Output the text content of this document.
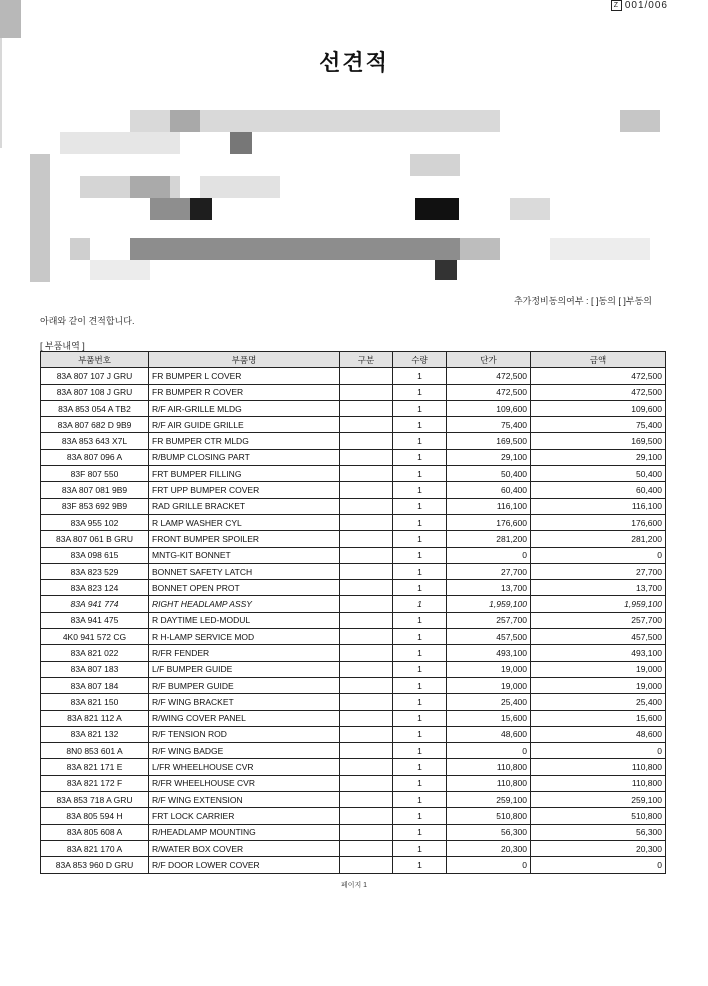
Z 001/006
선견적
추가정비동의여부 : [ ]동의 [ ]부동의
아래와 같이 견적합니다.
[ 부품내역 ]
부품번호	부품명	구분	수량	단가	금액
83A 807 107 J GRU	FR BUMPER L COVER		1	472,500	472,500
83A 807 108 J GRU	FR BUMPER R COVER		1	472,500	472,500
83A 853 054 A TB2	R/F AIR-GRILLE MLDG		1	109,600	109,600
83A 807 682 D 9B9	R/F AIR GUIDE GRILLE		1	75,400	75,400
83A 853 643 X7L	FR BUMPER CTR MLDG		1	169,500	169,500
83A 807 096 A	R/BUMP CLOSING PART		1	29,100	29,100
83F 807 550	FRT BUMPER FILLING		1	50,400	50,400
83A 807 081 9B9	FRT UPP BUMPER COVER		1	60,400	60,400
83F 853 692 9B9	RAD GRILLE BRACKET		1	116,100	116,100
83A 955 102	R LAMP WASHER CYL		1	176,600	176,600
83A 807 061 B GRU	FRONT BUMPER SPOILER		1	281,200	281,200
83A 098 615	MNTG-KIT BONNET		1	0	0
83A 823 529	BONNET SAFETY LATCH		1	27,700	27,700
83A 823 124	BONNET OPEN PROT		1	13,700	13,700
83A 941 774	RIGHT HEADLAMP ASSY		1	1,959,100	1,959,100
83A 941 475	R DAYTIME LED-MODUL		1	257,700	257,700
4K0 941 572 CG	R H-LAMP SERVICE MOD		1	457,500	457,500
83A 821 022	R/FR FENDER		1	493,100	493,100
83A 807 183	L/F BUMPER GUIDE		1	19,000	19,000
83A 807 184	R/F BUMPER GUIDE		1	19,000	19,000
83A 821 150	R/F WING BRACKET		1	25,400	25,400
83A 821 112 A	R/WING COVER PANEL		1	15,600	15,600
83A 821 132	R/F TENSION ROD		1	48,600	48,600
8N0 853 601 A	R/F WING BADGE		1	0	0
83A 821 171 E	L/FR WHEELHOUSE CVR		1	110,800	110,800
83A 821 172 F	R/FR WHEELHOUSE CVR		1	110,800	110,800
83A 853 718 A GRU	R/F WING EXTENSION		1	259,100	259,100
83A 805 594 H	FRT LOCK CARRIER		1	510,800	510,800
83A 805 608 A	R/HEADLAMP MOUNTING		1	56,300	56,300
83A 821 170 A	R/WATER BOX COVER		1	20,300	20,300
83A 853 960 D GRU	R/F DOOR LOWER COVER		1	0	0
페이지 1
